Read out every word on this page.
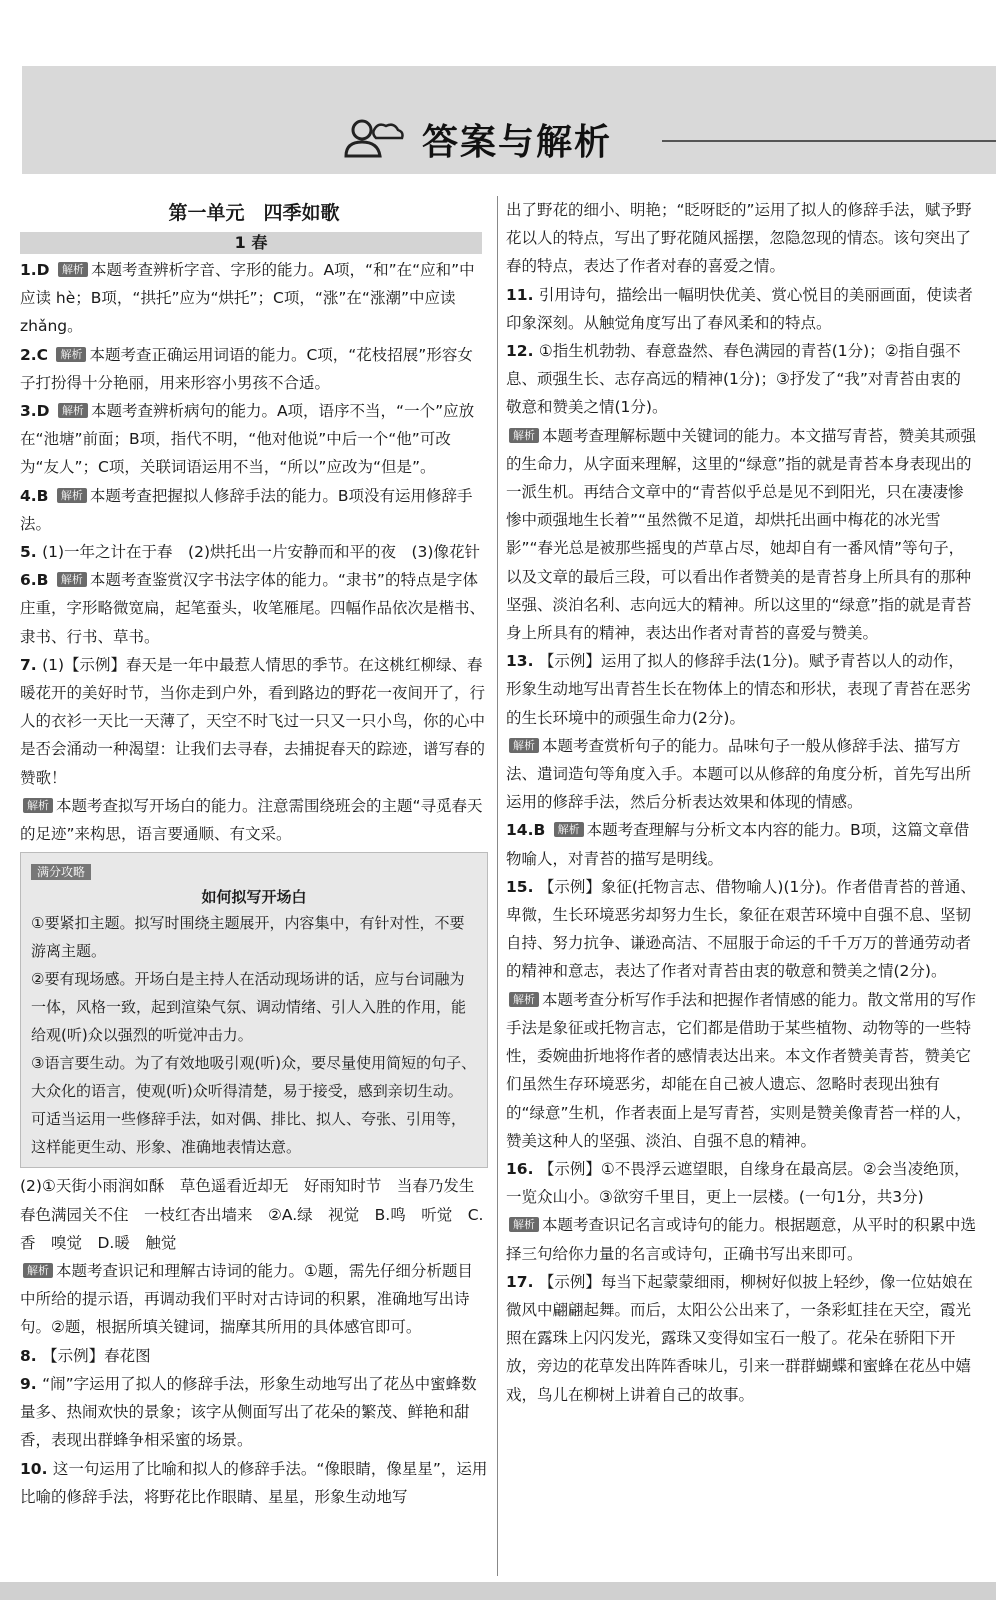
答案与解析
第一单元　四季如歌
1 春
1.D 解析 本题考查辨析字音、字形的能力。A项，“和”在“应和”中应读 hè；B项，“拱托”应为“烘托”；C项，“涨”在“涨潮”中应读 zhǎng。
2.C 解析 本题考查正确运用词语的能力。C项，“花枝招展”形容女子打扮得十分艳丽，用来形容小男孩不合适。
3.D 解析 本题考查辨析病句的能力。A项，语序不当，“一个”应放在“池塘”前面；B项，指代不明，“他对他说”中后一个“他”可改为“友人”；C项，关联词语运用不当，“所以”应改为“但是”。
4.B 解析 本题考查把握拟人修辞手法的能力。B项没有运用修辞手法。
5. (1)一年之计在于春　(2)烘托出一片安静而和平的夜　(3)像花针
6.B 解析 本题考查鉴赏汉字书法字体的能力。“隶书”的特点是字体庄重，字形略微宽扁，起笔蚕头，收笔雁尾。四幅作品依次是楷书、隶书、行书、草书。
7. (1)【示例】春天是一年中最惹人情思的季节。在这桃红柳绿、春暖花开的美好时节，当你走到户外，看到路边的野花一夜间开了，行人的衣衫一天比一天薄了，天空不时飞过一只又一只小鸟，你的心中是否会涌动一种渴望：让我们去寻春，去捕捉春天的踪迹，谱写春的赞歌！
解析 本题考查拟写开场白的能力。注意需围绕班会的主题“寻觅春天的足迹”来构思，语言要通顺、有文采。
满分攻略
如何拟写开场白
①要紧扣主题。拟写时围绕主题展开，内容集中，有针对性，不要游离主题。
②要有现场感。开场白是主持人在活动现场讲的话，应与台词融为一体，风格一致，起到渲染气氛、调动情绪、引人入胜的作用，能给观(听)众以强烈的听觉冲击力。
③语言要生动。为了有效地吸引观(听)众，要尽量使用简短的句子、大众化的语言，使观(听)众听得清楚，易于接受，感到亲切生动。可适当运用一些修辞手法，如对偶、排比、拟人、夸张、引用等，这样能更生动、形象、准确地表情达意。
(2)①天街小雨润如酥　草色遥看近却无　好雨知时节　当春乃发生　春色满园关不住　一枝红杏出墙来　②A.绿　视觉　B.鸣　听觉　C.香　嗅觉　D.暖　触觉
解析 本题考查识记和理解古诗词的能力。①题，需先仔细分析题目中所给的提示语，再调动我们平时对古诗词的积累，准确地写出诗句。②题，根据所填关键词，揣摩其所用的具体感官即可。
8. 【示例】春花图
9. “闹”字运用了拟人的修辞手法，形象生动地写出了花丛中蜜蜂数量多、热闹欢快的景象；该字从侧面写出了花朵的繁茂、鲜艳和甜香，表现出群蜂争相采蜜的场景。
10. 这一句运用了比喻和拟人的修辞手法。“像眼睛，像星星”，运用比喻的修辞手法，将野花比作眼睛、星星，形象生动地写
出了野花的细小、明艳；“眨呀眨的”运用了拟人的修辞手法，赋予野花以人的特点，写出了野花随风摇摆，忽隐忽现的情态。该句突出了春的特点，表达了作者对春的喜爱之情。
11. 引用诗句，描绘出一幅明快优美、赏心悦目的美丽画面，使读者印象深刻。从触觉角度写出了春风柔和的特点。
12. ①指生机勃勃、春意盎然、春色满园的青苔(1分)；②指自强不息、顽强生长、志存高远的精神(1分)；③抒发了“我”对青苔由衷的敬意和赞美之情(1分)。
解析 本题考查理解标题中关键词的能力。本文描写青苔，赞美其顽强的生命力，从字面来理解，这里的“绿意”指的就是青苔本身表现出的一派生机。再结合文章中的“青苔似乎总是见不到阳光，只在凄凄惨惨中顽强地生长着”“虽然微不足道，却烘托出画中梅花的冰光雪影”“春光总是被那些摇曳的芦草占尽，她却自有一番风情”等句子，以及文章的最后三段，可以看出作者赞美的是青苔身上所具有的那种坚强、淡泊名利、志向远大的精神。所以这里的“绿意”指的就是青苔身上所具有的精神，表达出作者对青苔的喜爱与赞美。
13. 【示例】运用了拟人的修辞手法(1分)。赋予青苔以人的动作，形象生动地写出青苔生长在物体上的情态和形状，表现了青苔在恶劣的生长环境中的顽强生命力(2分)。
解析 本题考查赏析句子的能力。品味句子一般从修辞手法、描写方法、遣词造句等角度入手。本题可以从修辞的角度分析，首先写出所运用的修辞手法，然后分析表达效果和体现的情感。
14.B 解析 本题考查理解与分析文本内容的能力。B项，这篇文章借物喻人，对青苔的描写是明线。
15. 【示例】象征(托物言志、借物喻人)(1分)。作者借青苔的普通、卑微，生长环境恶劣却努力生长，象征在艰苦环境中自强不息、坚韧自持、努力抗争、谦逊高洁、不屈服于命运的千千万万的普通劳动者的精神和意志，表达了作者对青苔由衷的敬意和赞美之情(2分)。
解析 本题考查分析写作手法和把握作者情感的能力。散文常用的写作手法是象征或托物言志，它们都是借助于某些植物、动物等的一些特性，委婉曲折地将作者的感情表达出来。本文作者赞美青苔，赞美它们虽然生存环境恶劣，却能在自己被人遗忘、忽略时表现出独有的“绿意”生机，作者表面上是写青苔，实则是赞美像青苔一样的人，赞美这种人的坚强、淡泊、自强不息的精神。
16. 【示例】①不畏浮云遮望眼，自缘身在最高层。②会当凌绝顶，一览众山小。③欲穷千里目，更上一层楼。(一句1分，共3分)
解析 本题考查识记名言或诗句的能力。根据题意，从平时的积累中选择三句给你力量的名言或诗句，正确书写出来即可。
17. 【示例】每当下起蒙蒙细雨，柳树好似披上轻纱，像一位姑娘在微风中翩翩起舞。而后，太阳公公出来了，一条彩虹挂在天空，霞光照在露珠上闪闪发光，露珠又变得如宝石一般了。花朵在骄阳下开放，旁边的花草发出阵阵香味儿，引来一群群蝴蝶和蜜蜂在花丛中嬉戏，鸟儿在柳树上讲着自己的故事。
